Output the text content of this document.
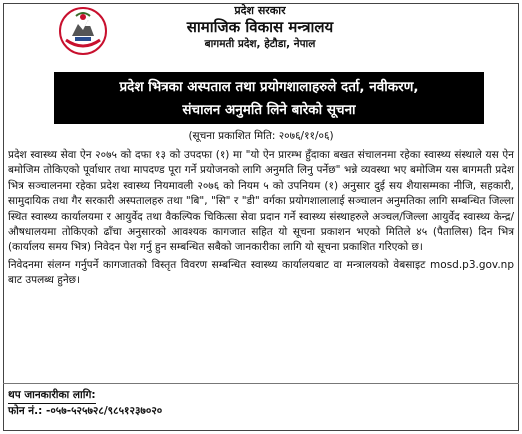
प्रदेश सरकार
सामाजिक विकास मन्त्रालय
बागमती प्रदेश, हेटौडा, नेपाल
प्रदेश भित्रका अस्पताल तथा प्रयोगशालाहरुले दर्ता, नवीकरण,
संचालन अनुमति लिने बारेको सूचना
(सूचना प्रकाशित मिति: २०७६/११/०६)

प्रदेश स्वास्थ्य सेवा ऐन २०७५ को दफा १३ को उपदफा (१) मा "यो ऐन प्रारम्भ हुँदाका बखत संचालनमा रहेका स्वास्थ्य संस्थाले यस ऐन बमोजिम तोकिएको पूर्वाधार तथा मापदण्ड पूरा गर्ने प्रयोजनको लागि अनुमति लिनु पर्नेछ" भन्ने व्यवस्था भए बमोजिम यस बागमती प्रदेश भित्र सञ्चालनमा रहेका प्रदेश स्वास्थ्य नियमावली २०७६ को नियम ५ को उपनियम (१) अनुसार दुई सय शैयासम्मका नीजि, सहकारी, सामुदायिक तथा गैर सरकारी अस्पतालहरु तथा "बि", "सि" र "डी" वर्गका प्रयोगशालालाई सञ्चालन अनुमतिका लागि सम्बन्धित जिल्ला स्थित स्वास्थ्य कार्यालयमा र आयुर्वेद तथा वैकल्पिक चिकित्सा सेवा प्रदान गर्ने स्वास्थ्य संस्थाहरुले अञ्चल/जिल्ला आयुर्वेद स्वास्थ्य केन्द्र/औषधालयमा तोकिएको ढाँचा अनुसारको आवश्यक कागजात सहित यो सूचना प्रकाशन भएको मितिले ४५ (पैतालिस) दिन भित्र (कार्यालय समय भित्र) निवेदन पेश गर्नु हुन सम्बन्धित सबैको जानकारीका लागि यो सूचना प्रकाशित गरिएको छ।

निवेदनमा संलग्न गर्नुपर्ने कागजातको विस्तृत विवरण सम्बन्धित स्वास्थ्य कार्यालयबाट वा मन्त्रालयको वेबसाइट mosd.p3.gov.np बाट उपलब्ध हुनेछ।

थप जानकारीका लागि:
फोन नं.: -०५७-५२५७२८/९८५१२३७०२०
